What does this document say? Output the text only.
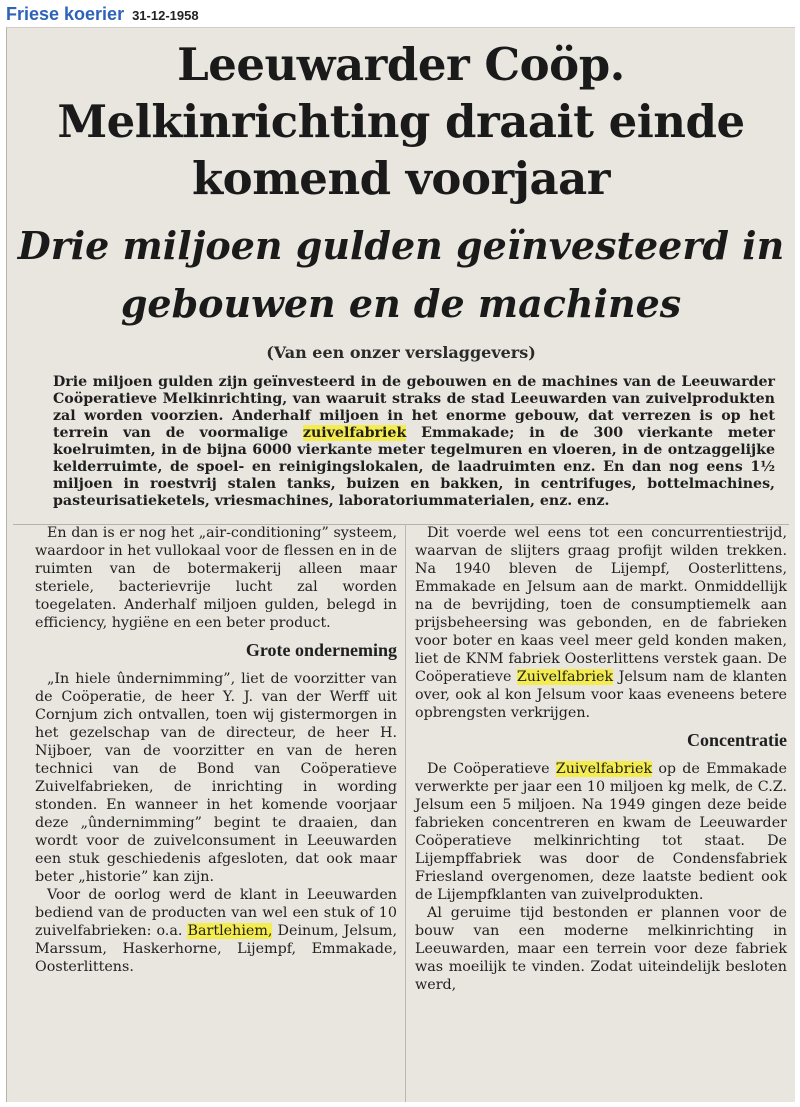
Friese koerier 31-12-1958
Leeuwarder Coöp. Melkinrichting draait einde komend voorjaar
Drie miljoen gulden geïnvesteerd in gebouwen en de machines
(Van een onzer verslaggevers)

Drie miljoen gulden zijn geïnvesteerd in de gebouwen en de machines van de Leeuwarder Coöperatieve Melkinrichting, van waaruit straks de stad Leeuwarden van zuivelprodukten zal worden voorzien. Anderhalf miljoen in het enorme gebouw, dat verrezen is op het terrein van de voormalige zuivelfabriek Emmakade; in de 300 vierkante meter koelruimten, in de bijna 6000 vierkante meter tegelmuren en vloeren, in de ontzaggelijke kelderruimte, de spoel- en reinigingslokalen, de laadruimten enz. En dan nog eens 1½ miljoen in roestvrij stalen tanks, buizen en bakken, in centrifuges, bottelmachines, pasteurisatieketels, vriesmachines, laboratoriummaterialen, enz. enz.

En dan is er nog het „air-conditioning” systeem, waardoor in het vullokaal voor de flessen en in de ruimten van de botermakerij alleen maar steriele, bacterievrije lucht zal worden toegelaten. Anderhalf miljoen gulden, belegd in efficiency, hygiëne en een beter product.

Grote onderneming

„In hiele ûndernimming”, liet de voorzitter van de Coöperatie, de heer Y. J. van der Werff uit Cornjum zich ontvallen, toen wij gistermorgen in het gezelschap van de directeur, de heer H. Nijboer, van de voorzitter en van de heren technici van de Bond van Coöperatieve Zuivelfabrieken, de inrichting in wording stonden. En wanneer in het komende voorjaar deze „ûndernimming” begint te draaien, dan wordt voor de zuivelconsument in Leeuwarden een stuk geschiedenis afgesloten, dat ook maar beter „historie” kan zijn.

Voor de oorlog werd de klant in Leeuwarden bediend van de producten van wel een stuk of 10 zuivelfabrieken: o.a. Bartlehiem, Deinum, Jelsum, Marssum, Haskerhorne, Lijempf, Emmakade, Oosterlittens.

Dit voerde wel eens tot een concurrentiestrijd, waarvan de slijters graag profijt wilden trekken. Na 1940 bleven de Lijempf, Oosterlittens, Emmakade en Jelsum aan de markt. Onmiddellijk na de bevrijding, toen de consumptiemelk aan prijsbeheersing was gebonden, en de fabrieken voor boter en kaas veel meer geld konden maken, liet de KNM fabriek Oosterlittens verstek gaan. De Coöperatieve Zuivelfabriek Jelsum nam de klanten over, ook al kon Jelsum voor kaas eveneens betere opbrengsten verkrijgen.

Concentratie

De Coöperatieve Zuivelfabriek op de Emmakade verwerkte per jaar een 10 miljoen kg melk, de C.Z. Jelsum een 5 miljoen. Na 1949 gingen deze beide fabrieken concentreren en kwam de Leeuwarder Coöperatieve melkinrichting tot staat. De Lijempffabriek was door de Condensfabriek Friesland overgenomen, deze laatste bedient ook de Lijempfklanten van zuivelprodukten.

Al geruime tijd bestonden er plannen voor de bouw van een moderne melkinrichting in Leeuwarden, maar een terrein voor deze fabriek was moeilijk te vinden. Zodat uiteindelijk besloten werd,
